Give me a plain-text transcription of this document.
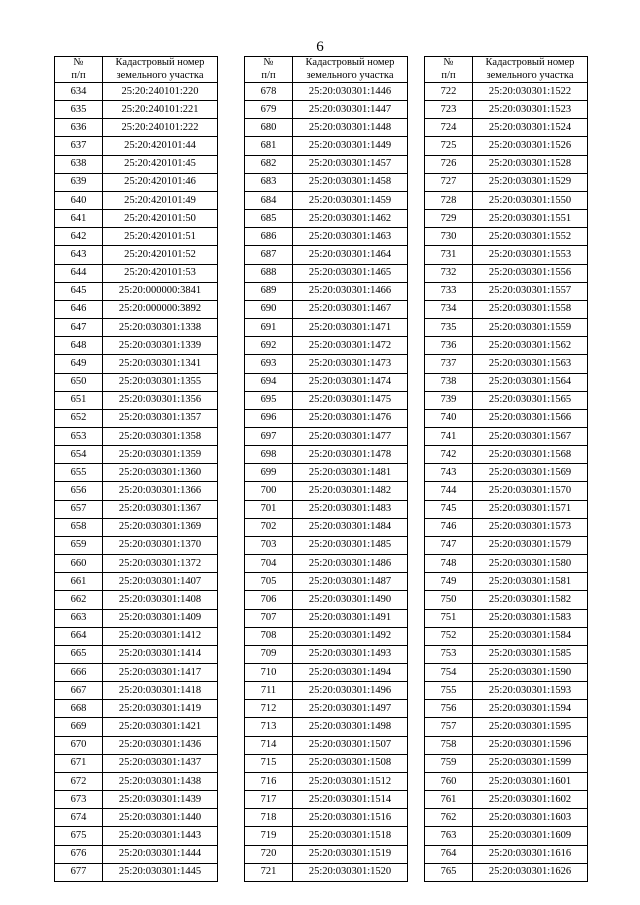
6
№
п/п	Кадастровый номер
земельного участка
634	25:20:240101:220
635	25:20:240101:221
636	25:20:240101:222
637	25:20:420101:44
638	25:20:420101:45
639	25:20:420101:46
640	25:20:420101:49
641	25:20:420101:50
642	25:20:420101:51
643	25:20:420101:52
644	25:20:420101:53
645	25:20:000000:3841
646	25:20:000000:3892
647	25:20:030301:1338
648	25:20:030301:1339
649	25:20:030301:1341
650	25:20:030301:1355
651	25:20:030301:1356
652	25:20:030301:1357
653	25:20:030301:1358
654	25:20:030301:1359
655	25:20:030301:1360
656	25:20:030301:1366
657	25:20:030301:1367
658	25:20:030301:1369
659	25:20:030301:1370
660	25:20:030301:1372
661	25:20:030301:1407
662	25:20:030301:1408
663	25:20:030301:1409
664	25:20:030301:1412
665	25:20:030301:1414
666	25:20:030301:1417
667	25:20:030301:1418
668	25:20:030301:1419
669	25:20:030301:1421
670	25:20:030301:1436
671	25:20:030301:1437
672	25:20:030301:1438
673	25:20:030301:1439
674	25:20:030301:1440
675	25:20:030301:1443
676	25:20:030301:1444
677	25:20:030301:1445
№
п/п	Кадастровый номер
земельного участка
678	25:20:030301:1446
679	25:20:030301:1447
680	25:20:030301:1448
681	25:20:030301:1449
682	25:20:030301:1457
683	25:20:030301:1458
684	25:20:030301:1459
685	25:20:030301:1462
686	25:20:030301:1463
687	25:20:030301:1464
688	25:20:030301:1465
689	25:20:030301:1466
690	25:20:030301:1467
691	25:20:030301:1471
692	25:20:030301:1472
693	25:20:030301:1473
694	25:20:030301:1474
695	25:20:030301:1475
696	25:20:030301:1476
697	25:20:030301:1477
698	25:20:030301:1478
699	25:20:030301:1481
700	25:20:030301:1482
701	25:20:030301:1483
702	25:20:030301:1484
703	25:20:030301:1485
704	25:20:030301:1486
705	25:20:030301:1487
706	25:20:030301:1490
707	25:20:030301:1491
708	25:20:030301:1492
709	25:20:030301:1493
710	25:20:030301:1494
711	25:20:030301:1496
712	25:20:030301:1497
713	25:20:030301:1498
714	25:20:030301:1507
715	25:20:030301:1508
716	25:20:030301:1512
717	25:20:030301:1514
718	25:20:030301:1516
719	25:20:030301:1518
720	25:20:030301:1519
721	25:20:030301:1520
№
п/п	Кадастровый номер
земельного участка
722	25:20:030301:1522
723	25:20:030301:1523
724	25:20:030301:1524
725	25:20:030301:1526
726	25:20:030301:1528
727	25:20:030301:1529
728	25:20:030301:1550
729	25:20:030301:1551
730	25:20:030301:1552
731	25:20:030301:1553
732	25:20:030301:1556
733	25:20:030301:1557
734	25:20:030301:1558
735	25:20:030301:1559
736	25:20:030301:1562
737	25:20:030301:1563
738	25:20:030301:1564
739	25:20:030301:1565
740	25:20:030301:1566
741	25:20:030301:1567
742	25:20:030301:1568
743	25:20:030301:1569
744	25:20:030301:1570
745	25:20:030301:1571
746	25:20:030301:1573
747	25:20:030301:1579
748	25:20:030301:1580
749	25:20:030301:1581
750	25:20:030301:1582
751	25:20:030301:1583
752	25:20:030301:1584
753	25:20:030301:1585
754	25:20:030301:1590
755	25:20:030301:1593
756	25:20:030301:1594
757	25:20:030301:1595
758	25:20:030301:1596
759	25:20:030301:1599
760	25:20:030301:1601
761	25:20:030301:1602
762	25:20:030301:1603
763	25:20:030301:1609
764	25:20:030301:1616
765	25:20:030301:1626
